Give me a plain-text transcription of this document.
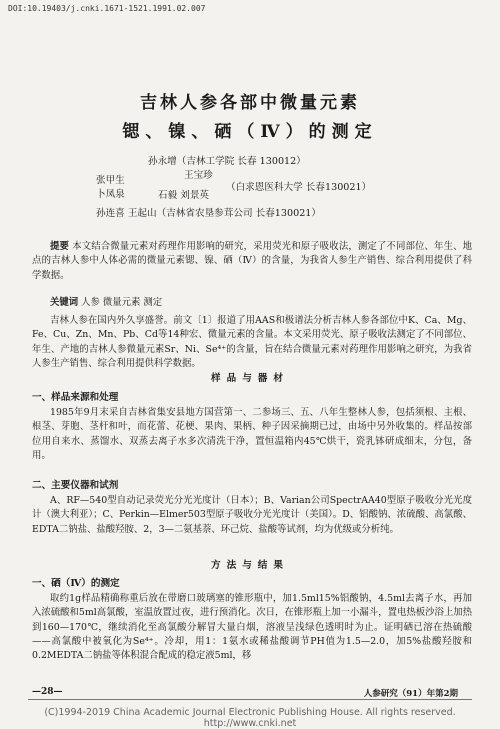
DOI:10.19403/j.cnki.1671-1521.1991.02.007
吉林人参各部中微量元素
锶、镍、硒（Ⅳ）的测定
孙永增（吉林工学院 长春 130012）
张甲生
卜凤泉
王宝珍
石毅 刘景英
（白求恩医科大学 长春130021）
孙连喜 王起山（吉林省农垦参茸公司 长春130021）
提要 本文结合微量元素对药理作用影响的研究，采用荧光和原子吸收法，测定了不同部位、年生、地点的吉林人参中人体必需的微量元素锶、镍、硒（Ⅳ）的含量，为我省人参生产销售、综合利用提供了科学数据。
关键词 人参 微量元素 测定
吉林人参在国内外久享盛誉。前文〔1〕报道了用AAS和极谱法分析吉林人参各部位中K、Ca、Mg、Fe、Cu、Zn、Mn、Pb、Cd等14种宏、微量元素的含量。本文采用荧光、原子吸收法测定了不同部位、年生、产地的吉林人参微量元素Sr、Ni、Se⁴⁺的含量，旨在结合微量元素对药理作用影响之研究，为我省人参生产销售、综合利用提供科学数据。
样品与器材
一、样品来源和处理
1985年9月末采自吉林省集安县地方国营第一、二参场三、五、八年生整林人参，包括须根、主根、根茎、芽胞、茎杆和叶，而花蕾、花梗、果肉、果柄、种子因采摘期已过，由场中另外收集的。样品按部位用自来水、蒸馏水、双蒸去离子水多次清洗干净，置恒温箱内45℃烘干，瓷乳钵研成细末，分包，备用。
二、主要仪器和试剂
A、RF—540型自动记录荧光分光光度计（日本）；B、Varian公司SpectrAA40型原子吸收分光光度计（澳大利亚）；C、Perkin—Elmer503型原子吸收分光光度计（美国）。D、铝酸钠、浓硫酸、高氯酸、EDTA二钠盐、盐酸羟胺、2，3—二氨基萘、环己烷、盐酸等试剂，均为优级或分析纯。
方法与结果
一、硒（Ⅳ）的测定
取约1g样品精确称重后放在带磨口玻璃塞的锥形瓶中，加1.5ml15%铝酸钠，4.5ml去离子水，再加入浓硫酸和5ml高氯酸，室温放置过夜，进行预消化。次日，在锥形瓶上加一小漏斗，置电热板沙浴上加热到160—170℃，继续消化至高氯酸分解冒大量白烟，溶液呈浅绿色透明时为止。证明硒已溶在热硫酸——高氯酸中被氧化为Se⁴⁺。冷却，用1：1氨水或稀盐酸调节PH值为1.5—2.0，加5%盐酸羟胺和0.2MEDTA二钠盐等体积混合配成的稳定液5ml，移
—28—	人参研究（91）年第2期
(C)1994-2019 China Academic Journal Electronic Publishing House. All rights reserved. http://www.cnki.net
